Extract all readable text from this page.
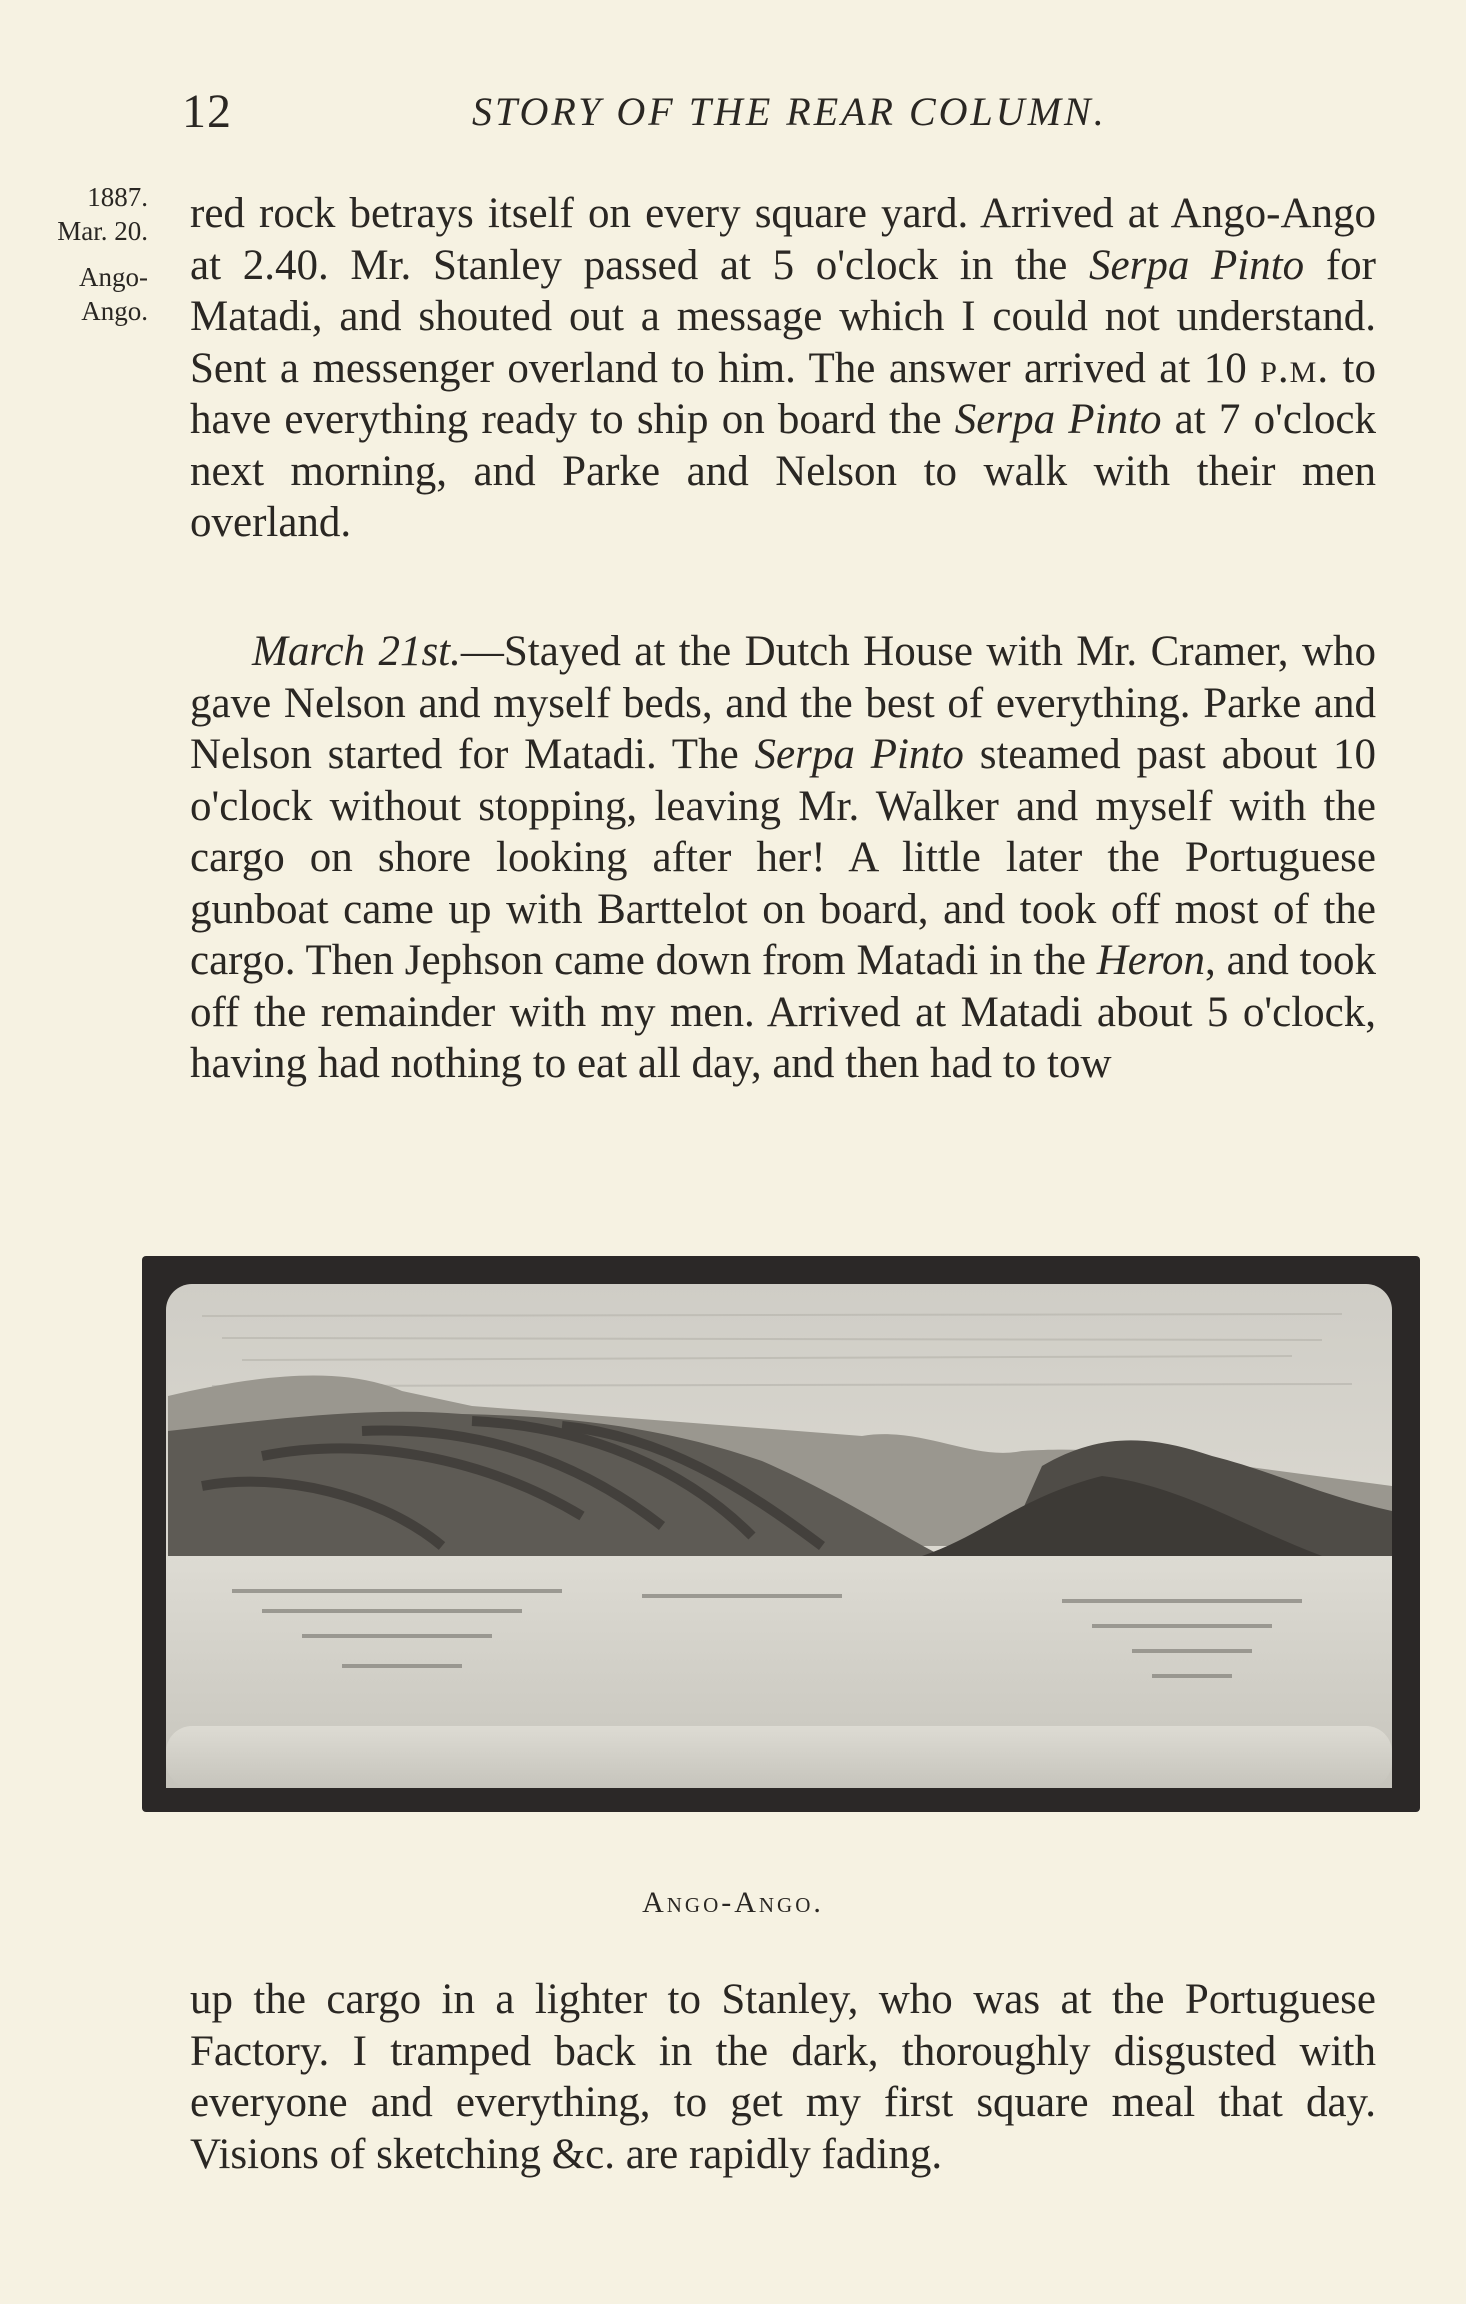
12	STORY OF THE REAR COLUMN.
1887.
Mar. 20.
Ango-
Ango.

red rock betrays itself on every square yard. Arrived at Ango-Ango at 2.40. Mr. Stanley passed at 5 o'clock in the Serpa Pinto for Matadi, and shouted out a message which I could not understand. Sent a messenger overland to him. The answer arrived at 10 p.m. to have everything ready to ship on board the Serpa Pinto at 7 o'clock next morning, and Parke and Nelson to walk with their men overland.

March 21st.—Stayed at the Dutch House with Mr. Cramer, who gave Nelson and myself beds, and the best of everything. Parke and Nelson started for Matadi. The Serpa Pinto steamed past about 10 o'clock without stopping, leaving Mr. Walker and myself with the cargo on shore looking after her! A little later the Portuguese gunboat came up with Barttelot on board, and took off most of the cargo. Then Jephson came down from Matadi in the Heron, and took off the remainder with my men. Arrived at Matadi about 5 o'clock, having had nothing to eat all day, and then had to tow

Ango-Ango.

up the cargo in a lighter to Stanley, who was at the Portuguese Factory. I tramped back in the dark, thoroughly disgusted with everyone and everything, to get my first square meal that day. Visions of sketching &c. are rapidly fading.
